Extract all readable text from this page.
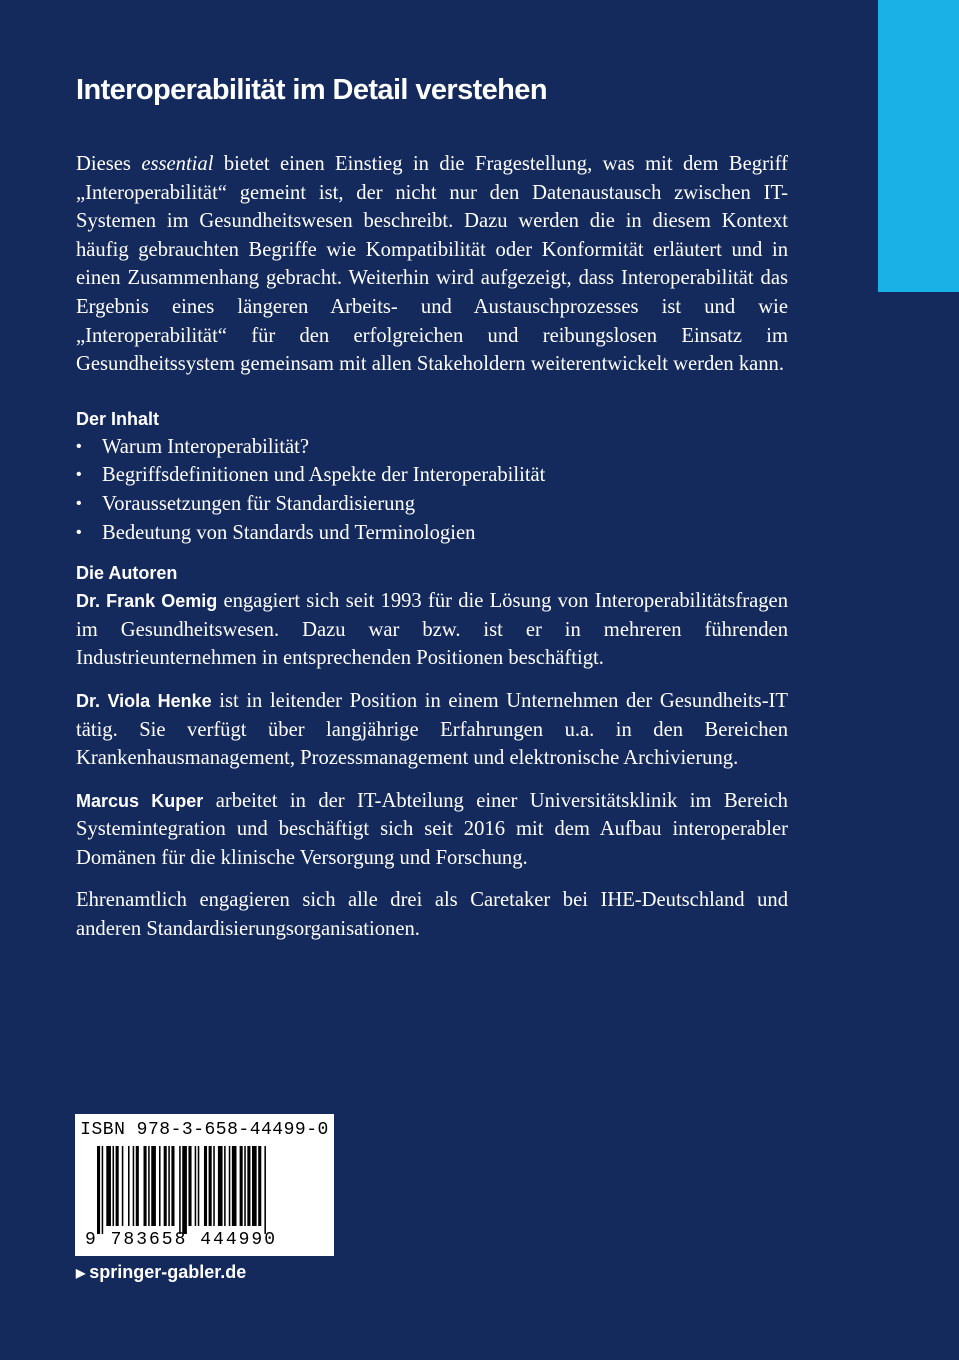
Interoperabilität im Detail verstehen

Dieses essential bietet einen Einstieg in die Fragestellung, was mit dem Begriff „Interoperabilität“ gemeint ist, der nicht nur den Datenaustausch zwischen IT-Systemen im Gesundheitswesen beschreibt. Dazu werden die in diesem Kontext häufig gebrauchten Begriffe wie Kompatibilität oder Konformität erläutert und in einen Zusammenhang gebracht. Weiterhin wird aufgezeigt, dass Interoperabilität das Ergebnis eines längeren Arbeits- und Austauschprozesses ist und wie „Interoperabilität“ für den erfolgreichen und reibungslosen Einsatz im Gesundheitssystem gemeinsam mit allen Stakeholdern weiterentwickelt werden kann.

Der Inhalt
• Warum Interoperabilität?
• Begriffsdefinitionen und Aspekte der Interoperabilität
• Voraussetzungen für Standardisierung
• Bedeutung von Standards und Terminologien
Die Autoren

Dr. Frank Oemig engagiert sich seit 1993 für die Lösung von Interoperabilitätsfragen im Gesundheitswesen. Dazu war bzw. ist er in mehreren führenden Industrieunternehmen in entsprechenden Positionen beschäftigt.

Dr. Viola Henke ist in leitender Position in einem Unternehmen der Gesundheits-IT tätig. Sie verfügt über langjährige Erfahrungen u.a. in den Bereichen Krankenhausmanagement, Prozessmanagement und elektronische Archivierung.

Marcus Kuper arbeitet in der IT-Abteilung einer Universitätsklinik im Bereich Systemintegration und beschäftigt sich seit 2016 mit dem Aufbau interoperabler Domänen für die klinische Versorgung und Forschung.

Ehrenamtlich engagieren sich alle drei als Caretaker bei IHE-Deutschland und anderen Standardisierungsorganisationen.

ISBN 978-3-658-44499-0
9 783658 444990
▶ springer-gabler.de
